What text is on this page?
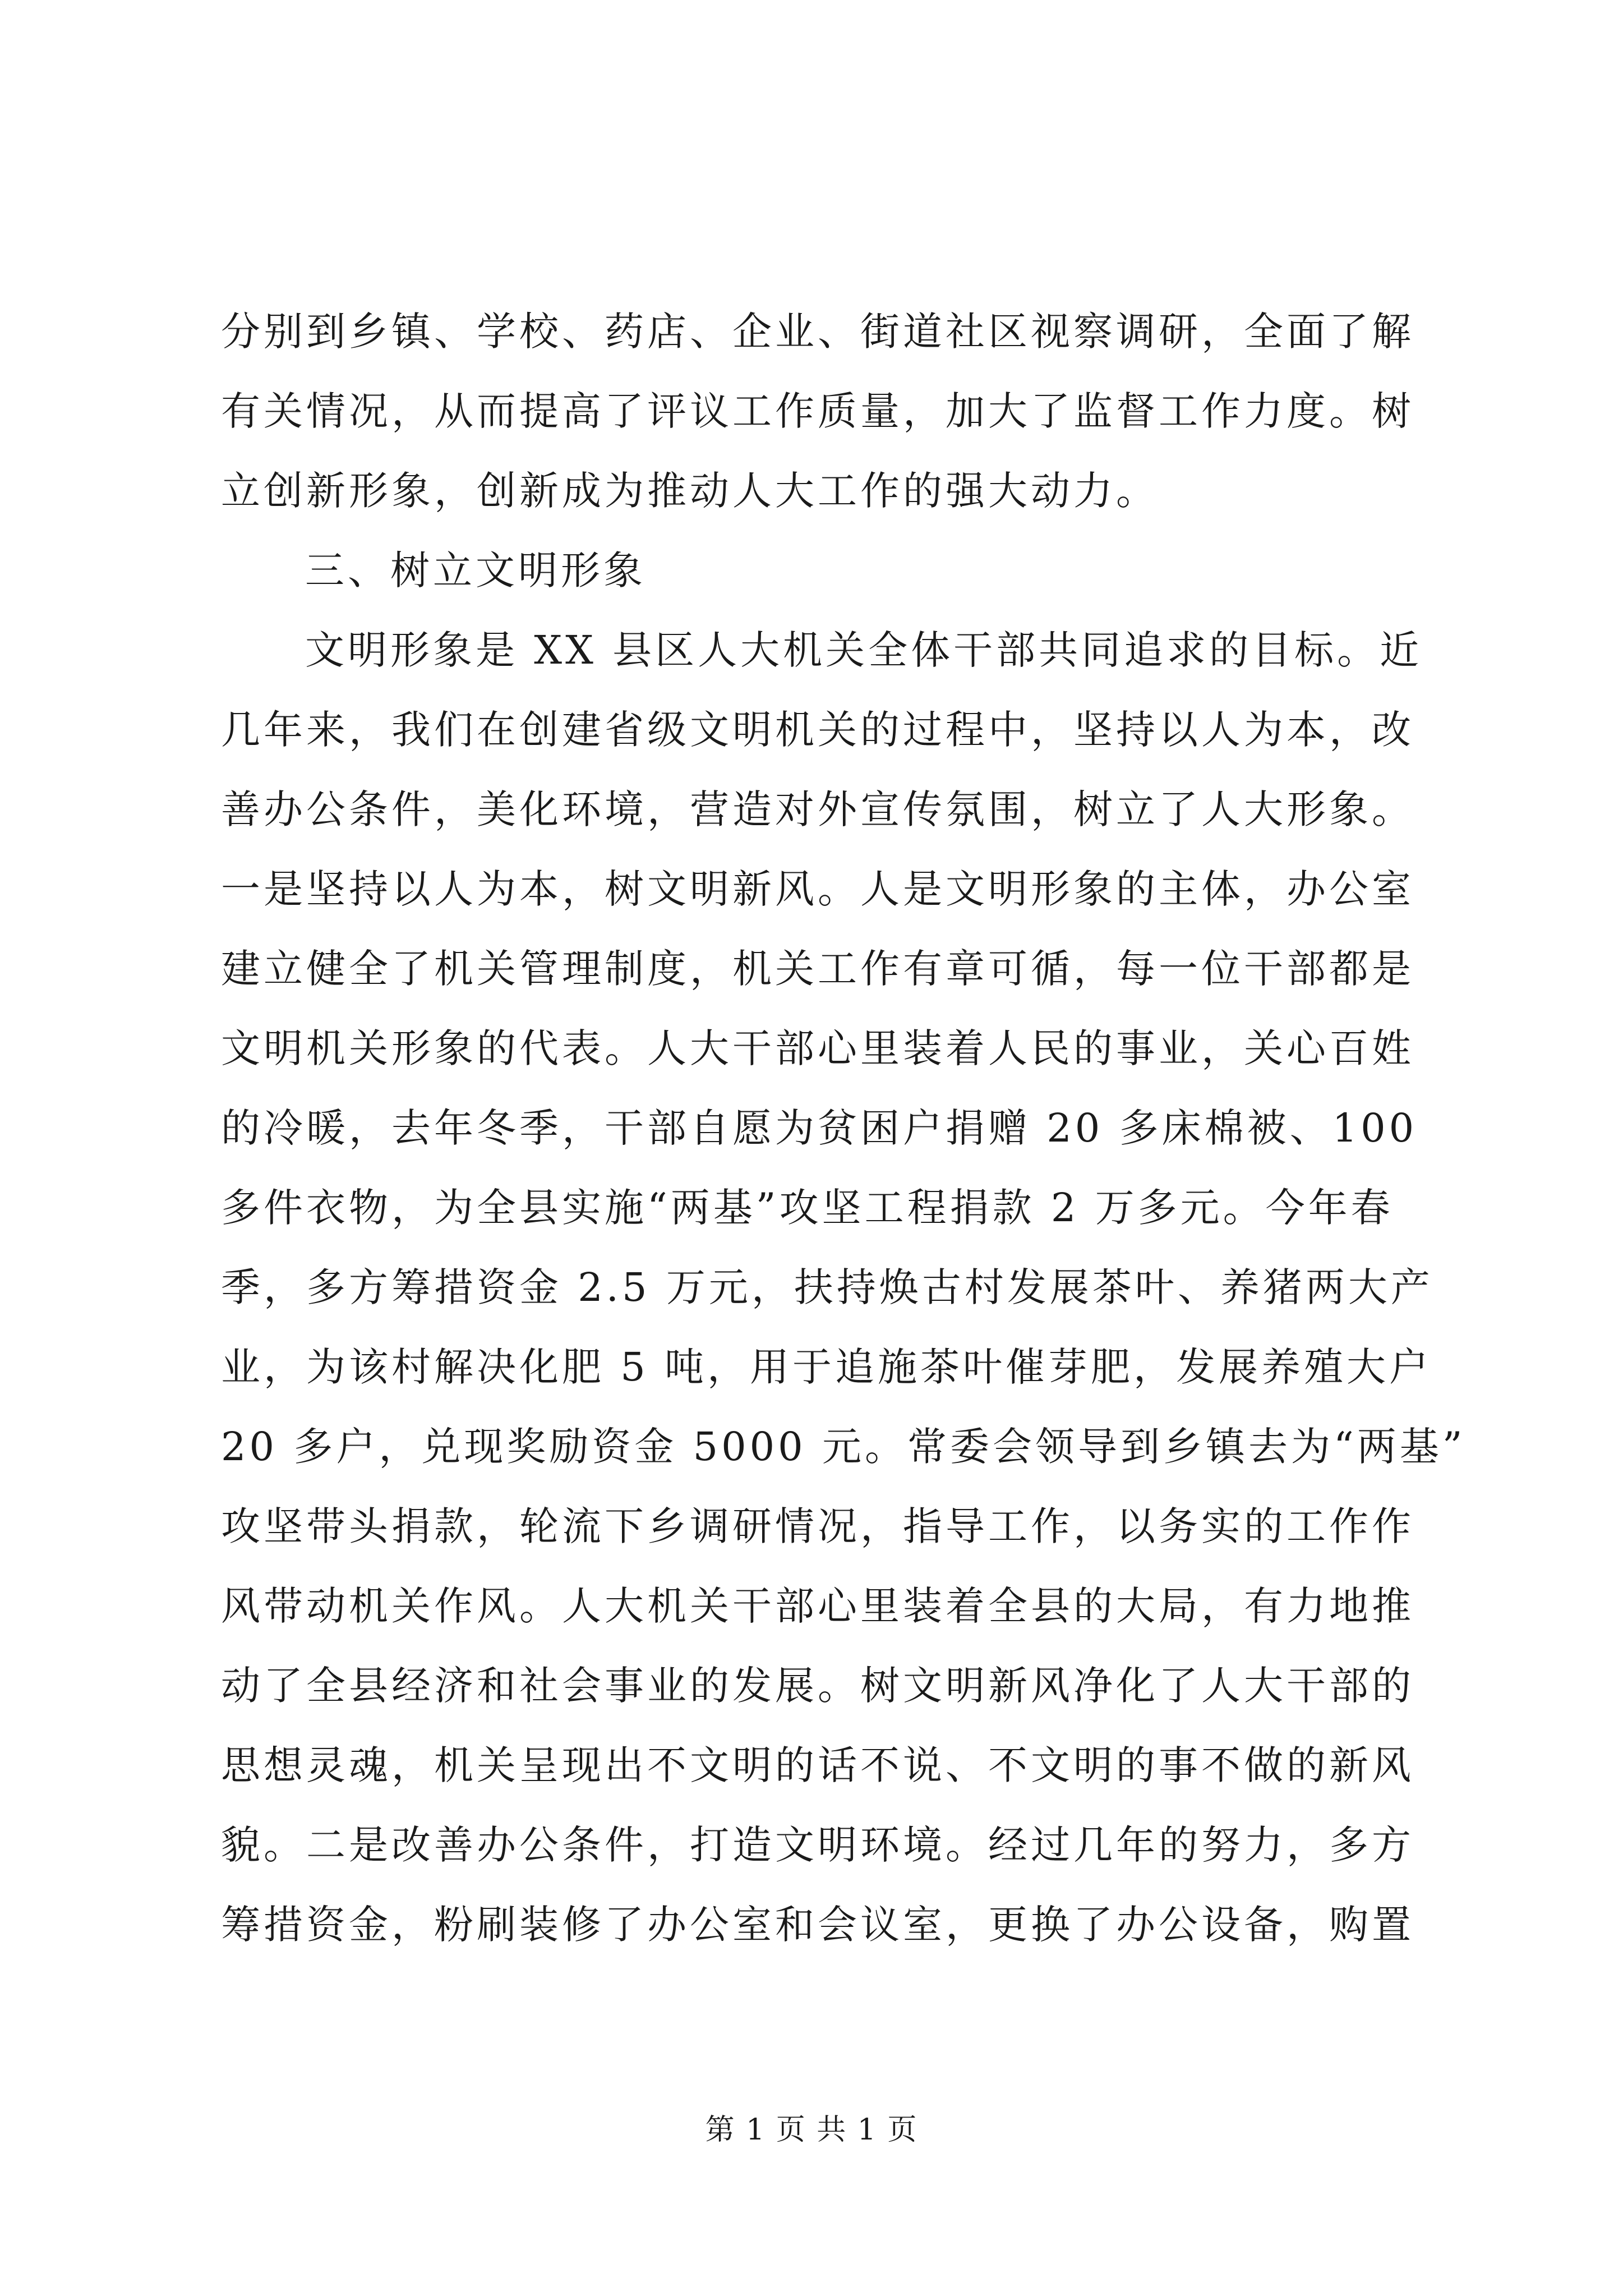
分别到乡镇、学校、药店、企业、街道社区视察调研，全面了解
有关情况，从而提高了评议工作质量，加大了监督工作力度。树
立创新形象，创新成为推动人大工作的强大动力。
三、树立文明形象
文明形象是 XX 县区人大机关全体干部共同追求的目标。近
几年来，我们在创建省级文明机关的过程中，坚持以人为本，改
善办公条件，美化环境，营造对外宣传氛围，树立了人大形象。
一是坚持以人为本，树文明新风。人是文明形象的主体，办公室
建立健全了机关管理制度，机关工作有章可循，每一位干部都是
文明机关形象的代表。人大干部心里装着人民的事业，关心百姓
的冷暖，去年冬季，干部自愿为贫困户捐赠 20 多床棉被、100
多件衣物，为全县实施“两基”攻坚工程捐款 2 万多元。今年春
季，多方筹措资金 2.5 万元，扶持焕古村发展茶叶、养猪两大产
业，为该村解决化肥 5 吨，用于追施茶叶催芽肥，发展养殖大户
20 多户，兑现奖励资金 5000 元。常委会领导到乡镇去为“两基”
攻坚带头捐款，轮流下乡调研情况，指导工作，以务实的工作作
风带动机关作风。人大机关干部心里装着全县的大局，有力地推
动了全县经济和社会事业的发展。树文明新风净化了人大干部的
思想灵魂，机关呈现出不文明的话不说、不文明的事不做的新风
貌。二是改善办公条件，打造文明环境。经过几年的努力，多方
筹措资金，粉刷装修了办公室和会议室，更换了办公设备，购置
第 1 页 共 1 页
